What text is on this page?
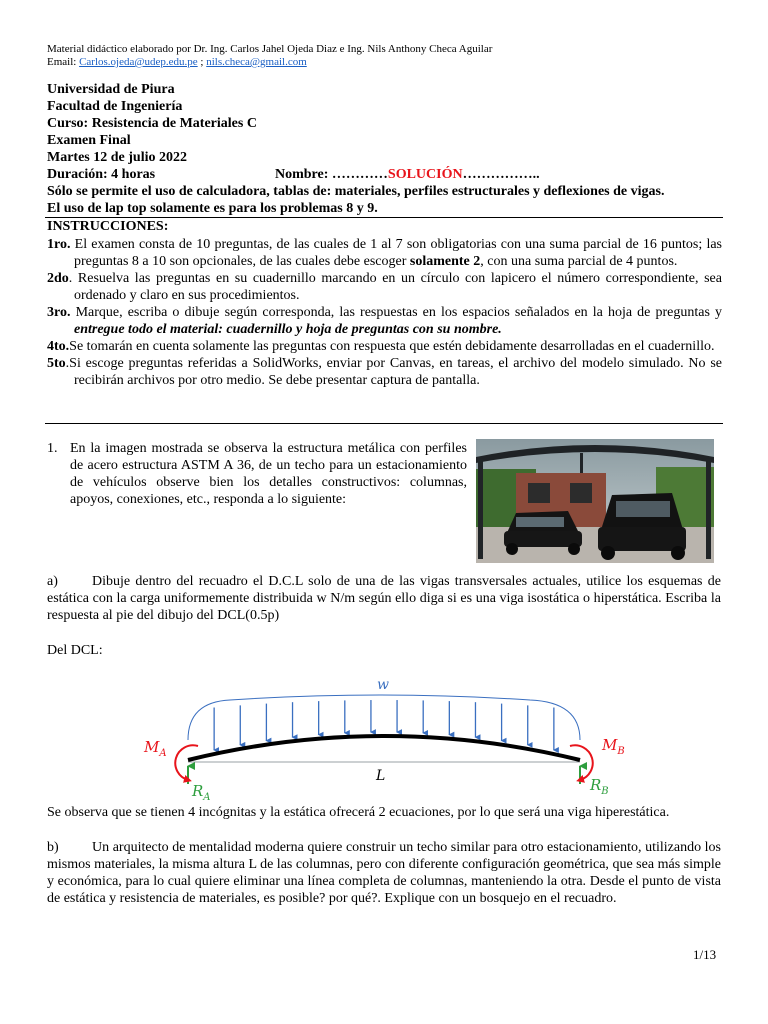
Material didáctico elaborado por Dr. Ing. Carlos Jahel Ojeda Diaz e Ing. Nils Anthony Checa Aguilar
Email: Carlos.ojeda@udep.edu.pe ; nils.checa@gmail.com
Universidad de Piura
Facultad de Ingeniería
Curso: Resistencia de Materiales C
Examen Final
Martes 12 de julio 2022
Duración: 4 horas	Nombre: …………SOLUCIÓN……………..
Sólo se permite el uso de calculadora, tablas de: materiales, perfiles estructurales y deflexiones de vigas.
El uso de lap top solamente es para los problemas 8 y 9.
INSTRUCCIONES:

1ro. El examen consta de 10 preguntas, de las cuales de 1 al 7 son obligatorias con una suma parcial de 16 puntos; las preguntas 8 a 10 son opcionales, de las cuales debe escoger solamente 2, con una suma parcial de 4 puntos.

2do. Resuelva las preguntas en su cuadernillo marcando en un círculo con lapicero el número correspondiente, sea ordenado y claro en sus procedimientos.

3ro. Marque, escriba o dibuje según corresponda, las respuestas en los espacios señalados en la hoja de preguntas y entregue todo el material: cuadernillo y hoja de preguntas con su nombre.

4to.Se tomarán en cuenta solamente las preguntas con respuesta que estén debidamente desarrolladas en el cuadernillo.

5to.Si escoge preguntas referidas a SolidWorks, enviar por Canvas, en tareas, el archivo del modelo simulado. No se recibirán archivos por otro medio. Se debe presentar captura de pantalla.

1. En la imagen mostrada se observa la estructura metálica con perfiles de acero estructura ASTM A 36, de un techo para un estacionamiento de vehículos observe bien los detalles constructivos: columnas, apoyos, conexiones, etc., responda a lo siguiente:
a) Dibuje dentro del recuadro el D.C.L solo de una de las vigas transversales actuales, utilice los esquemas de estática con la carga uniformemente distribuida w N/m según ello diga si es una viga isostática o hiperstática. Escriba la respuesta al pie del dibujo del DCL(0.5p)
Del DCL:
w
L
$M_A$	$M_B$
$R_A$
$R_B$
Se observa que se tienen 4 incógnitas y la estática ofrecerá 2 ecuaciones, por lo que será una viga hiperestática.
b) Un arquitecto de mentalidad moderna quiere construir un techo similar para otro estacionamiento, utilizando los mismos materiales, la misma altura L de las columnas, pero con diferente configuración geométrica, que sea más simple y económica, para lo cual quiere eliminar una línea completa de columnas, manteniendo la otra. Desde el punto de vista de estática y resistencia de materiales, es posible? por qué?. Explique con un bosquejo en el recuadro.
1/13
